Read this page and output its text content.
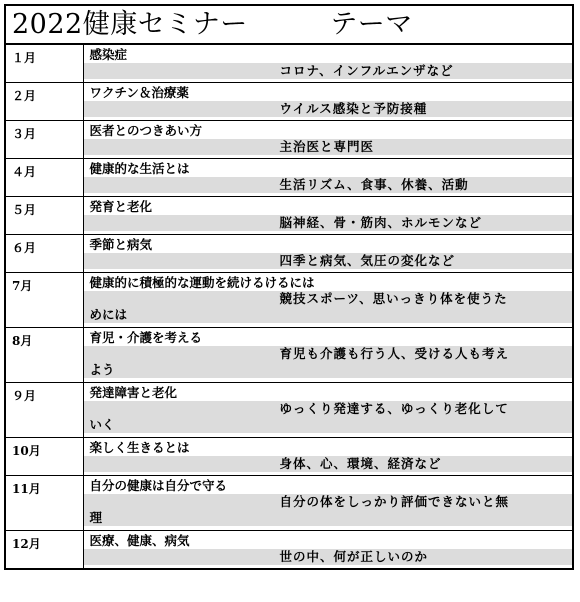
2022健康セミナー　　　テーマ
１月	感染症
コロナ、インフルエンザなど

２月	ワクチン＆治療薬
ウイルス感染と予防接種

３月	医者とのつきあい方
主治医と専門医

４月	健康的な生活とは
生活リズム、食事、休養、活動

５月	発育と老化
脳神経、骨・筋肉、ホルモンなど

６月	季節と病気
四季と病気、気圧の変化など

7月	健康的に積極的な運動を続けるけるには
競技スポーツ、思いっきり体を使うた
めには

8月	育児・介護を考える
育児も介護も行う人、受ける人も考え
よう

９月	発達障害と老化
ゆっくり発達する、ゆっくり老化して
いく

10月	楽しく生きるとは
身体、心、環境、経済など

11月	自分の健康は自分で守る
自分の体をしっかり評価できないと無
理

12月	医療、健康、病気
世の中、何が正しいのか
